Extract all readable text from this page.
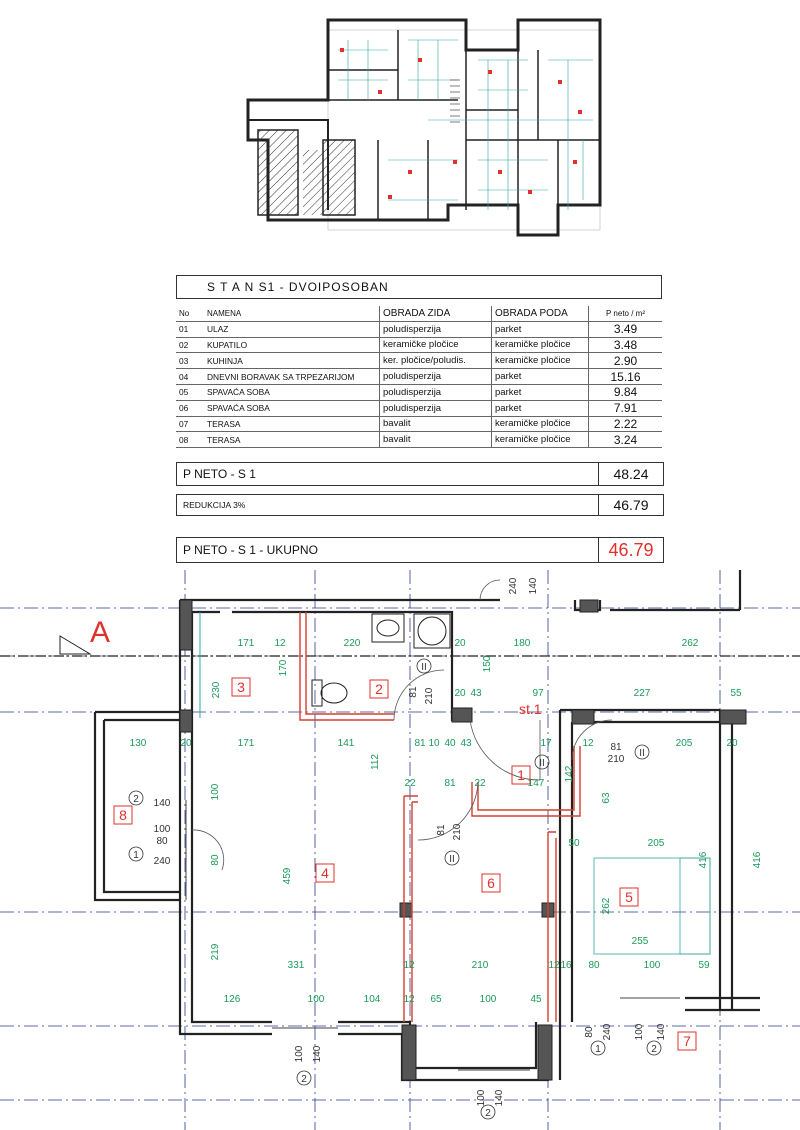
S T A N S1 - DVOIPOSOBAN
No	NAMENA	OBRADA ZIDA	OBRADA PODA	P neto / m²
01	ULAZ	poludisperzija	parket	3.49
02	KUPATILO	keramičke pločice	keramičke pločice	3.48
03	KUHINJA	ker. pločice/poludis.	keramičke pločice	2.90
04	DNEVNI BORAVAK SA TRPEZARIJOM	poludisperzija	parket	15.16
05	SPAVAĆA SOBA	poludisperzija	parket	9.84
06	SPAVAĆA SOBA	poludisperzija	parket	7.91
07	TERASA	bavalit	keramičke pločice	2.22
08	TERASA	bavalit	keramičke pločice	3.24
P NETO - S 1	48.24
REDUKCIJA 3%	46.79
P NETO - S 1 - UKUPNO	46.79
A
st.1
1
2
3
4
5
6
7
8
2
1
2
2
1	2
II
II
II
II
240 140
171 12	220	20	180	262
170	150
230	81 210 20 43	97	227	55
130	20	171	141	81 10 40 43	17	12 81
210
205	20
112
142
22	81 22	147
63
100
140
100	81 210
50	205
416	416
80
80
240
459
262
255
219
331	12	210	12 16 80	100	59
126	100	104 12 65	100	45
80 240 100 140
100 140
100 140
